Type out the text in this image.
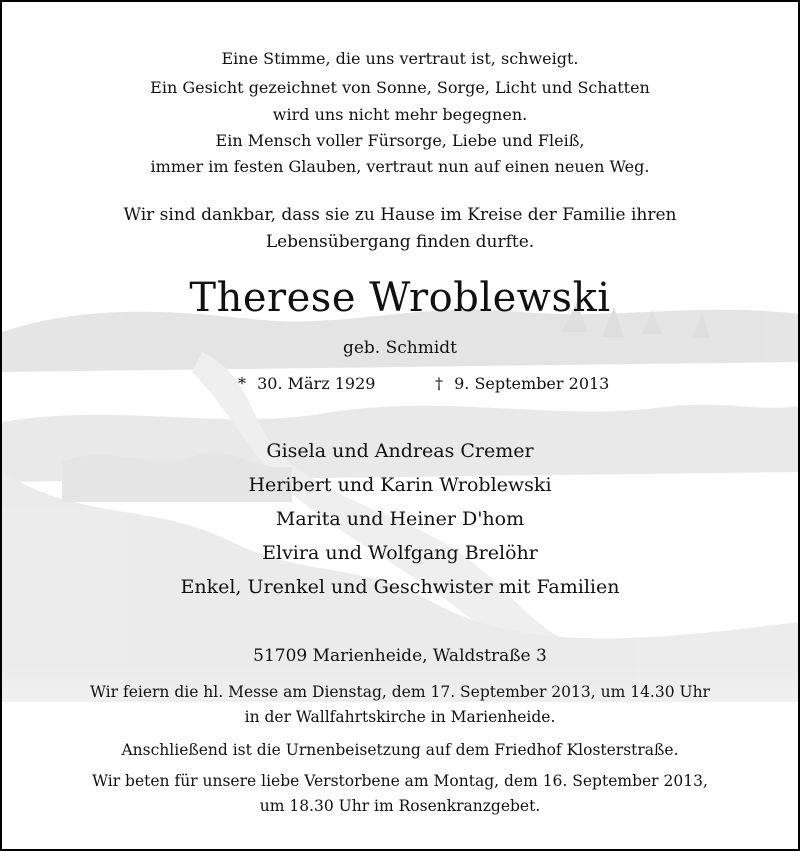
Eine Stimme, die uns vertraut ist, schweigt.
Ein Gesicht gezeichnet von Sonne, Sorge, Licht und Schatten
wird uns nicht mehr begegnen.
Ein Mensch voller Fürsorge, Liebe und Fleiß,
immer im festen Glauben, vertraut nun auf einen neuen Weg.
Wir sind dankbar, dass sie zu Hause im Kreise der Familie ihren
Lebensübergang finden durfte.
Therese Wroblewski
geb. Schmidt
* 30. März 1929	† 9. September 2013
Gisela und Andreas Cremer
Heribert und Karin Wroblewski
Marita und Heiner D'hom
Elvira und Wolfgang Brelöhr
Enkel, Urenkel und Geschwister mit Familien
51709 Marienheide, Waldstraße 3
Wir feiern die hl. Messe am Dienstag, dem 17. September 2013, um 14.30 Uhr
in der Wallfahrtskirche in Marienheide.
Anschließend ist die Urnenbeisetzung auf dem Friedhof Klosterstraße.
Wir beten für unsere liebe Verstorbene am Montag, dem 16. September 2013,
um 18.30 Uhr im Rosenkranzgebet.
